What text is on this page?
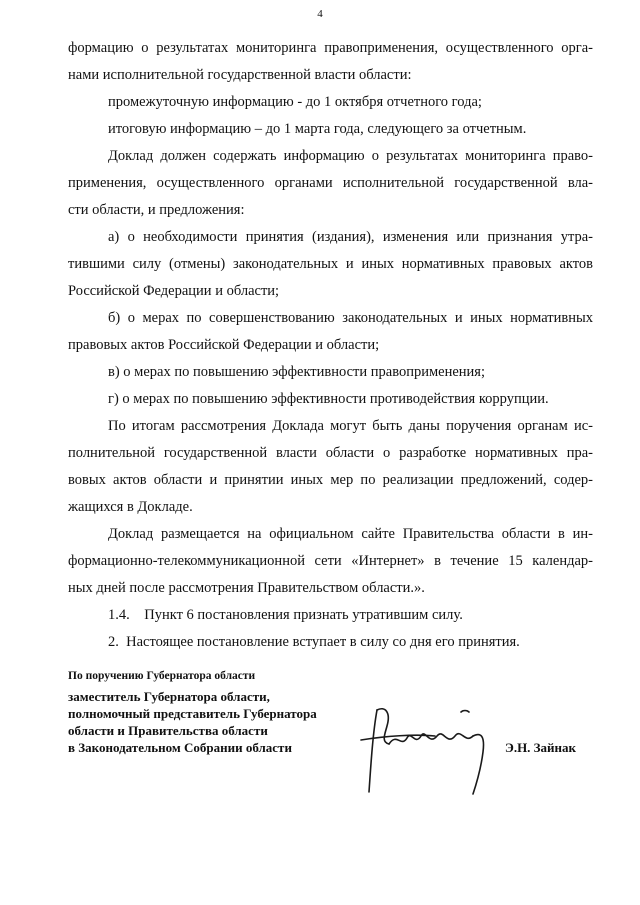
4
формацию о результатах мониторинга правоприменения, осуществленного орга-
нами исполнительной государственной власти области:
промежуточную информацию - до 1 октября отчетного года;
итоговую информацию – до 1 марта года, следующего за отчетным.
Доклад должен содержать информацию о результатах мониторинга право-
применения, осуществленного органами исполнительной государственной вла-
сти области, и предложения:
а) о необходимости принятия (издания), изменения или признания утра-
тившими силу (отмены) законодательных и иных нормативных правовых актов
Российской Федерации и области;
б) о мерах по совершенствованию законодательных и иных нормативных
правовых актов Российской Федерации и области;
в) о мерах по повышению эффективности правоприменения;
г) о мерах по повышению эффективности противодействия коррупции.
По итогам рассмотрения Доклада могут быть даны поручения органам ис-
полнительной государственной власти области о разработке нормативных пра-
вовых актов области и принятии иных мер по реализации предложений, содер-
жащихся в Докладе.
Доклад размещается на официальном сайте Правительства области в ин-
формационно-телекоммуникационной сети «Интернет» в течение 15 календар-
ных дней после рассмотрения Правительством области.».
1.4.    Пункт 6 постановления признать утратившим силу.
2.  Настоящее постановление вступает в силу со дня его принятия.
По поручению Губернатора области
заместитель Губернатора области,
полномочный представитель Губернатора
области и Правительства области
в Законодательном Собрании области	Э.Н. Зайнак
